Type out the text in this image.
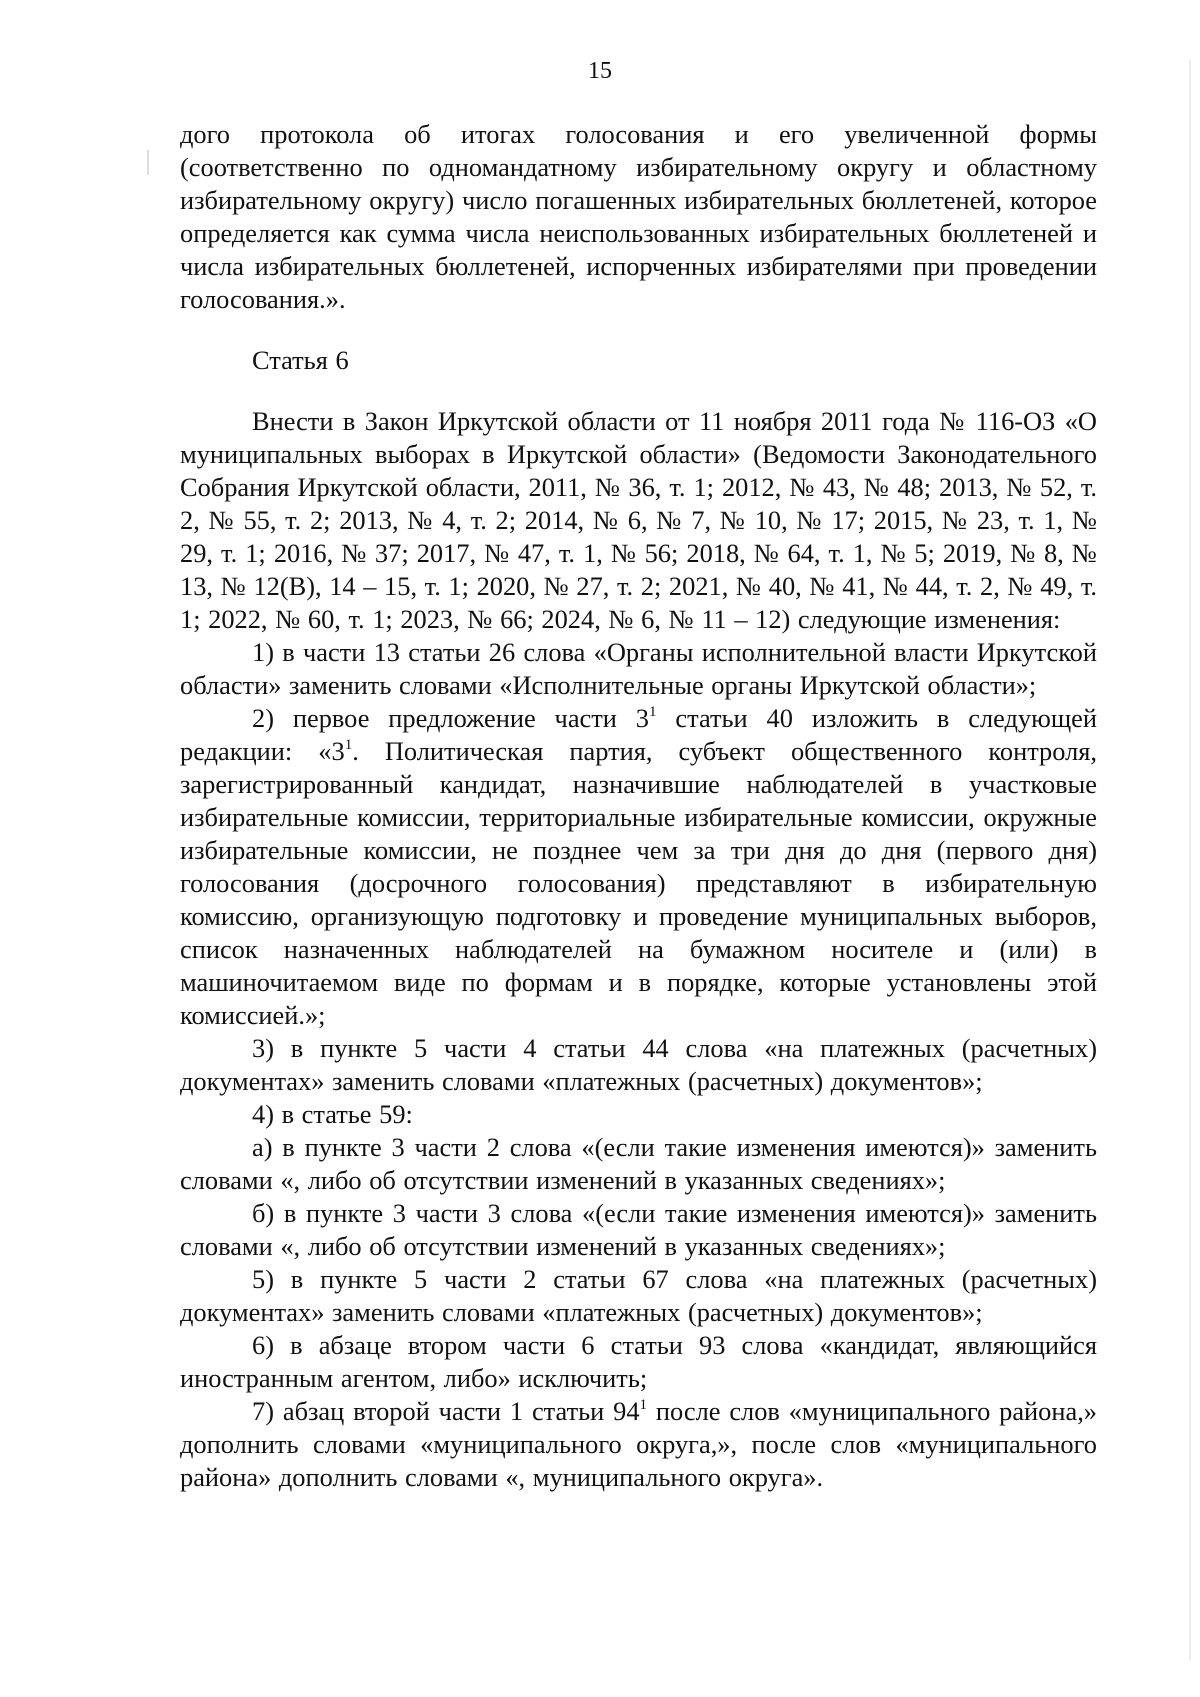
15

дого протокола об итогах голосования и его увеличенной формы (соответственно по одномандатному избирательному округу и областному избирательному округу) число погашенных избирательных бюллетеней, которое определяется как сумма числа неиспользованных избирательных бюллетеней и числа избирательных бюллетеней, испорченных избирателями при проведении голосования.».

Статья 6

Внести в Закон Иркутской области от 11 ноября 2011 года № 116-ОЗ «О муниципальных выборах в Иркутской области» (Ведомости Законодательного Собрания Иркутской области, 2011, № 36, т. 1; 2012, № 43, № 48; 2013, № 52, т. 2, № 55, т. 2; 2013, № 4, т. 2; 2014, № 6, № 7, № 10, № 17; 2015, № 23, т. 1, № 29, т. 1; 2016, № 37; 2017, № 47, т. 1, № 56; 2018, № 64, т. 1, № 5; 2019, № 8, № 13, № 12(В), 14 – 15, т. 1; 2020, № 27, т. 2; 2021, № 40, № 41, № 44, т. 2, № 49, т. 1; 2022, № 60, т. 1; 2023, № 66; 2024, № 6, № 11 – 12) следующие изменения:

1) в части 13 статьи 26 слова «Органы исполнительной власти Иркутской области» заменить словами «Исполнительные органы Иркутской области»;

2) первое предложение части $3^1$ статьи 40 изложить в следующей редакции: «$3^1$. Политическая партия, субъект общественного контроля, зарегистрированный кандидат, назначившие наблюдателей в участковые избирательные комиссии, территориальные избирательные комиссии, окружные избирательные комиссии, не позднее чем за три дня до дня (первого дня) голосования (досрочного голосования) представляют в избирательную комиссию, организующую подготовку и проведение муниципальных выборов, список назначенных наблюдателей на бумажном носителе и (или) в машиночитаемом виде по формам и в порядке, которые установлены этой комиссией.»;

3) в пункте 5 части 4 статьи 44 слова «на платежных (расчетных) документах» заменить словами «платежных (расчетных) документов»;

4) в статье 59:

а) в пункте 3 части 2 слова «(если такие изменения имеются)» заменить словами «, либо об отсутствии изменений в указанных сведениях»;

б) в пункте 3 части 3 слова «(если такие изменения имеются)» заменить словами «, либо об отсутствии изменений в указанных сведениях»;

5) в пункте 5 части 2 статьи 67 слова «на платежных (расчетных) документах» заменить словами «платежных (расчетных) документов»;

6) в абзаце втором части 6 статьи 93 слова «кандидат, являющийся иностранным агентом, либо» исключить;

7) абзац второй части 1 статьи $94^1$ после слов «муниципального района,» дополнить словами «муниципального округа,», после слов «муниципального района» дополнить словами «, муниципального округа».
